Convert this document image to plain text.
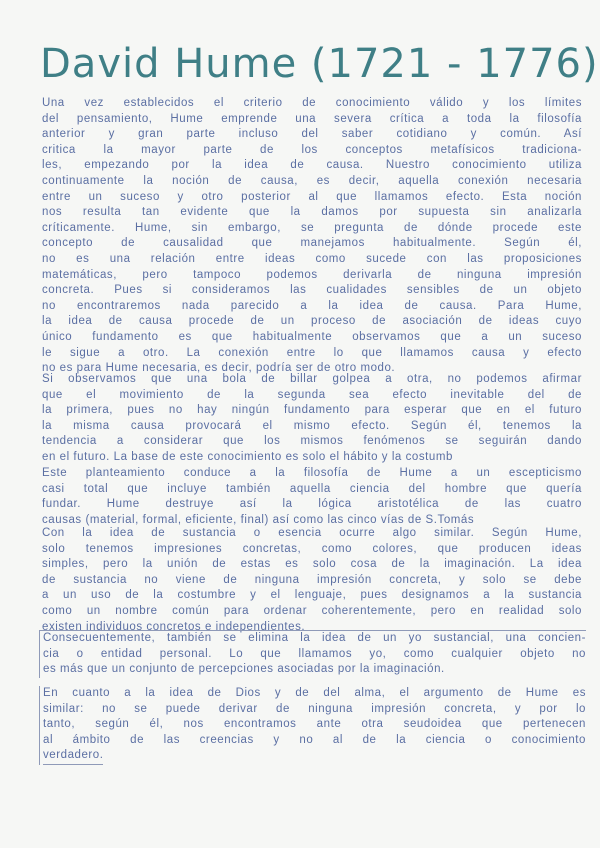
David Hume (1721 - 1776)
Una vez establecidos el criterio de conocimiento válido y los límites
del pensamiento, Hume emprende una severa crítica a toda la filosofía
anterior y gran parte incluso del saber cotidiano y común. Así
critica la mayor parte de los conceptos metafísicos tradiciona-
les, empezando por la idea de causa. Nuestro conocimiento utiliza
continuamente la noción de causa, es decir, aquella conexión necesaria
entre un suceso y otro posterior al que llamamos efecto. Esta noción
nos resulta tan evidente que la damos por supuesta sin analizarla
críticamente. Hume, sin embargo, se pregunta de dónde procede este
concepto de causalidad que manejamos habitualmente. Según él,
no es una relación entre ideas como sucede con las proposiciones
matemáticas, pero tampoco podemos derivarla de ninguna impresión
concreta. Pues si consideramos las cualidades sensibles de un objeto
no encontraremos nada parecido a la idea de causa. Para Hume,
la idea de causa procede de un proceso de asociación de ideas cuyo
único fundamento es que habitualmente observamos que a un suceso
le sigue a otro. La conexión entre lo que llamamos causa y efecto
no es para Hume necesaria, es decir, podría ser de otro modo.
Si observamos que una bola de billar golpea a otra, no podemos afirmar
que el movimiento de la segunda sea efecto inevitable del de
la primera, pues no hay ningún fundamento para esperar que en el futuro
la misma causa provocará el mismo efecto. Según él, tenemos la
tendencia a considerar que los mismos fenómenos se seguirán dando
en el futuro. La base de este conocimiento es solo el hábito y la costumb
Este planteamiento conduce a la filosofía de Hume a un escepticismo
casi total que incluye también aquella ciencia del hombre que quería
fundar. Hume destruye así la lógica aristotélica de las cuatro
causas (material, formal, eficiente, final) así como las cinco vías de S.Tomás
Con la idea de sustancia o esencia ocurre algo similar. Según Hume,
solo tenemos impresiones concretas, como colores, que producen ideas
simples, pero la unión de estas es solo cosa de la imaginación. La idea
de sustancia no viene de ninguna impresión concreta, y solo se debe
a un uso de la costumbre y el lenguaje, pues designamos a la sustancia
como un nombre común para ordenar coherentemente, pero en realidad solo
existen individuos concretos e independientes.
Consecuentemente, también se elimina la idea de un yo sustancial, una concien-
cia o entidad personal. Lo que llamamos yo, como cualquier objeto no
es más que un conjunto de percepciones asociadas por la imaginación.
En cuanto a la idea de Dios y de del alma, el argumento de Hume es
similar: no se puede derivar de ninguna impresión concreta, y por lo
tanto, según él, nos encontramos ante otra seudoidea que pertenecen
al ámbito de las creencias y no al de la ciencia o conocimiento
verdadero.
